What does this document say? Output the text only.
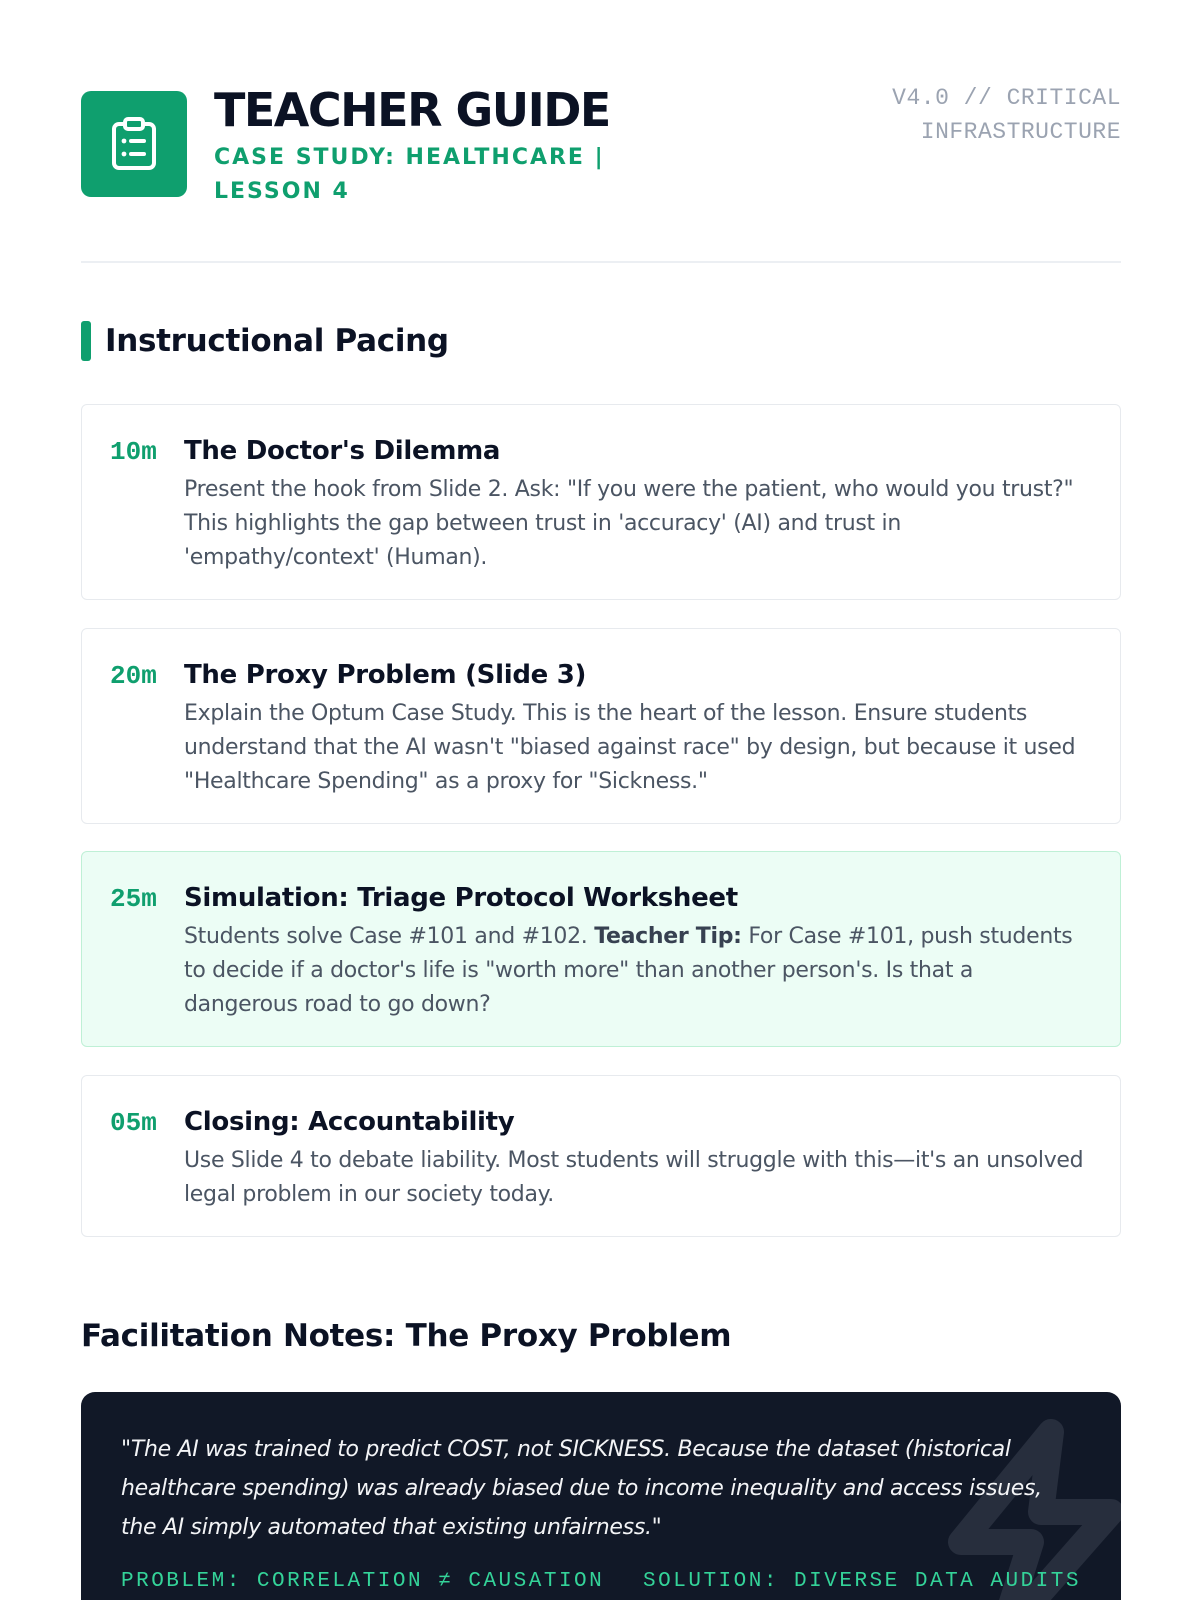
TEACHER GUIDE
CASE STUDY: HEALTHCARE | LESSON 4
V4.0 // CRITICAL
INFRASTRUCTURE
Instructional Pacing
10m The Doctor's Dilemma
Present the hook from Slide 2. Ask: "If you were the patient, who would you trust?" This highlights the gap between trust in 'accuracy' (AI) and trust in 'empathy/context' (Human).
20m The Proxy Problem (Slide 3)
Explain the Optum Case Study. This is the heart of the lesson. Ensure students understand that the AI wasn't "biased against race" by design, but because it used "Healthcare Spending" as a proxy for "Sickness."
25m Simulation: Triage Protocol Worksheet
Students solve Case #101 and #102. Teacher Tip: For Case #101, push students to decide if a doctor's life is "worth more" than another person's. Is that a dangerous road to go down?
05m Closing: Accountability
Use Slide 4 to debate liability. Most students will struggle with this—it's an unsolved legal problem in our society today.
Facilitation Notes: The Proxy Problem
"The AI was trained to predict COST, not SICKNESS. Because the dataset (historical healthcare spending) was already biased due to income inequality and access issues, the AI simply automated that existing unfairness."
PROBLEM: CORRELATION ≠ CAUSATION SOLUTION: DIVERSE DATA AUDITS
